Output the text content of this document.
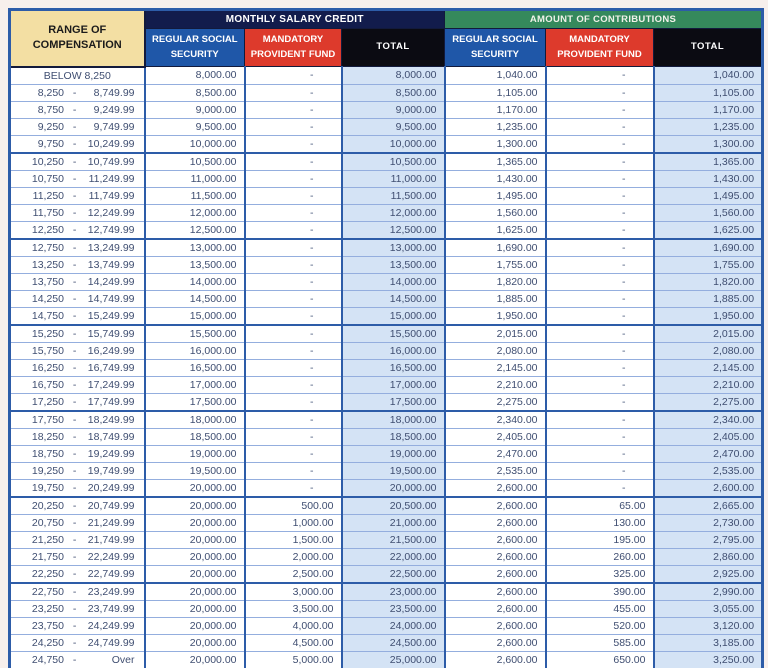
RANGE OF COMPENSATION	MONTHLY SALARY CREDIT			AMOUNT OF CONTRIBUTIONS		
	REGULAR SOCIAL SECURITY	MANDATORY PROVIDENT FUND	TOTAL	REGULAR SOCIAL SECURITY	MANDATORY PROVIDENT FUND	TOTAL
BELOW 8,250	8,000.00	-	8,000.00	1,040.00	-	1,040.00

8,250 - 8,749.99	8,500.00	-	8,500.00	1,105.00	-	1,105.00

8,750 - 9,249.99	9,000.00	-	9,000.00	1,170.00	-	1,170.00

9,250 - 9,749.99	9,500.00	-	9,500.00	1,235.00	-	1,235.00

9,750 - 10,249.99	10,000.00	-	10,000.00	1,300.00	-	1,300.00

10,250 - 10,749.99	10,500.00	-	10,500.00	1,365.00	-	1,365.00

10,750 - 11,249.99	11,000.00	-	11,000.00	1,430.00	-	1,430.00

11,250 - 11,749.99	11,500.00	-	11,500.00	1,495.00	-	1,495.00

11,750 - 12,249.99	12,000.00	-	12,000.00	1,560.00	-	1,560.00

12,250 - 12,749.99	12,500.00	-	12,500.00	1,625.00	-	1,625.00

12,750 - 13,249.99	13,000.00	-	13,000.00	1,690.00	-	1,690.00

13,250 - 13,749.99	13,500.00	-	13,500.00	1,755.00	-	1,755.00

13,750 - 14,249.99	14,000.00	-	14,000.00	1,820.00	-	1,820.00

14,250 - 14,749.99	14,500.00	-	14,500.00	1,885.00	-	1,885.00

14,750 - 15,249.99	15,000.00	-	15,000.00	1,950.00	-	1,950.00

15,250 - 15,749.99	15,500.00	-	15,500.00	2,015.00	-	2,015.00

15,750 - 16,249.99	16,000.00	-	16,000.00	2,080.00	-	2,080.00

16,250 - 16,749.99	16,500.00	-	16,500.00	2,145.00	-	2,145.00

16,750 - 17,249.99	17,000.00	-	17,000.00	2,210.00	-	2,210.00

17,250 - 17,749.99	17,500.00	-	17,500.00	2,275.00	-	2,275.00

17,750 - 18,249.99	18,000.00	-	18,000.00	2,340.00	-	2,340.00

18,250 - 18,749.99	18,500.00	-	18,500.00	2,405.00	-	2,405.00

18,750 - 19,249.99	19,000.00	-	19,000.00	2,470.00	-	2,470.00

19,250 - 19,749.99	19,500.00	-	19,500.00	2,535.00	-	2,535.00

19,750 - 20,249.99	20,000.00	-	20,000.00	2,600.00	-	2,600.00

20,250 - 20,749.99	20,000.00	500.00	20,500.00	2,600.00	65.00	2,665.00

20,750 - 21,249.99	20,000.00	1,000.00	21,000.00	2,600.00	130.00	2,730.00

21,250 - 21,749.99	20,000.00	1,500.00	21,500.00	2,600.00	195.00	2,795.00

21,750 - 22,249.99	20,000.00	2,000.00	22,000.00	2,600.00	260.00	2,860.00

22,250 - 22,749.99	20,000.00	2,500.00	22,500.00	2,600.00	325.00	2,925.00

22,750 - 23,249.99	20,000.00	3,000.00	23,000.00	2,600.00	390.00	2,990.00

23,250 - 23,749.99	20,000.00	3,500.00	23,500.00	2,600.00	455.00	3,055.00

23,750 - 24,249.99	20,000.00	4,000.00	24,000.00	2,600.00	520.00	3,120.00

24,250 - 24,749.99	20,000.00	4,500.00	24,500.00	2,600.00	585.00	3,185.00

24,750 - Over	20,000.00	5,000.00	25,000.00	2,600.00	650.00	3,250.00
